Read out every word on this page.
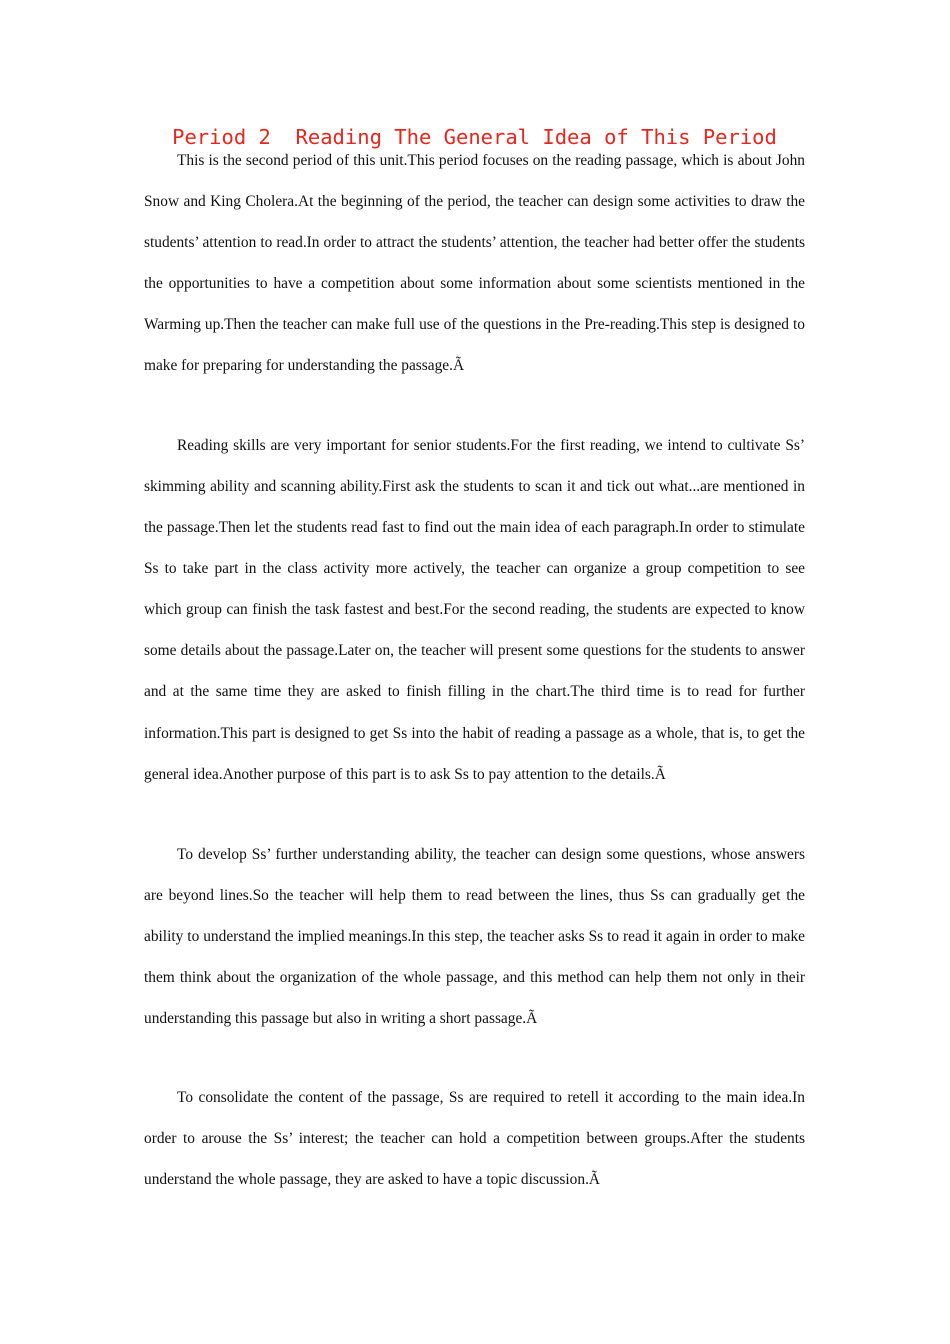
Period 2  Reading The General Idea of This Period

This is the second period of this unit.This period focuses on the reading passage, which is about John Snow and King Cholera.At the beginning of the period, the teacher can design some activities to draw the students’ attention to read.In order to attract the students’ attention, the teacher had better offer the students the opportunities to have a competition about some information about some scientists mentioned in the Warming up.Then the teacher can make full use of the questions in the Pre-reading.This step is designed to make for preparing for understanding the passage.Ã

Reading skills are very important for senior students.For the first reading, we intend to cultivate Ss’ skimming ability and scanning ability.First ask the students to scan it and tick out what...are mentioned in the passage.Then let the students read fast to find out the main idea of each paragraph.In order to stimulate Ss to take part in the class activity more actively, the teacher can organize a group competition to see which group can finish the task fastest and best.For the second reading, the students are expected to know some details about the passage.Later on, the teacher will present some questions for the students to answer and at the same time they are asked to finish filling in the chart.The third time is to read for further information.This part is designed to get Ss into the habit of reading a passage as a whole, that is, to get the general idea.Another purpose of this part is to ask Ss to pay attention to the details.Ã

To develop Ss’ further understanding ability, the teacher can design some questions, whose answers are beyond lines.So the teacher will help them to read between the lines, thus Ss can gradually get the ability to understand the implied meanings.In this step, the teacher asks Ss to read it again in order to make them think about the organization of the whole passage, and this method can help them not only in their understanding this passage but also in writing a short passage.Ã

To consolidate the content of the passage, Ss are required to retell it according to the main idea.In order to arouse the Ss’ interest; the teacher can hold a competition between groups.After the students understand the whole passage, they are asked to have a topic discussion.Ã
